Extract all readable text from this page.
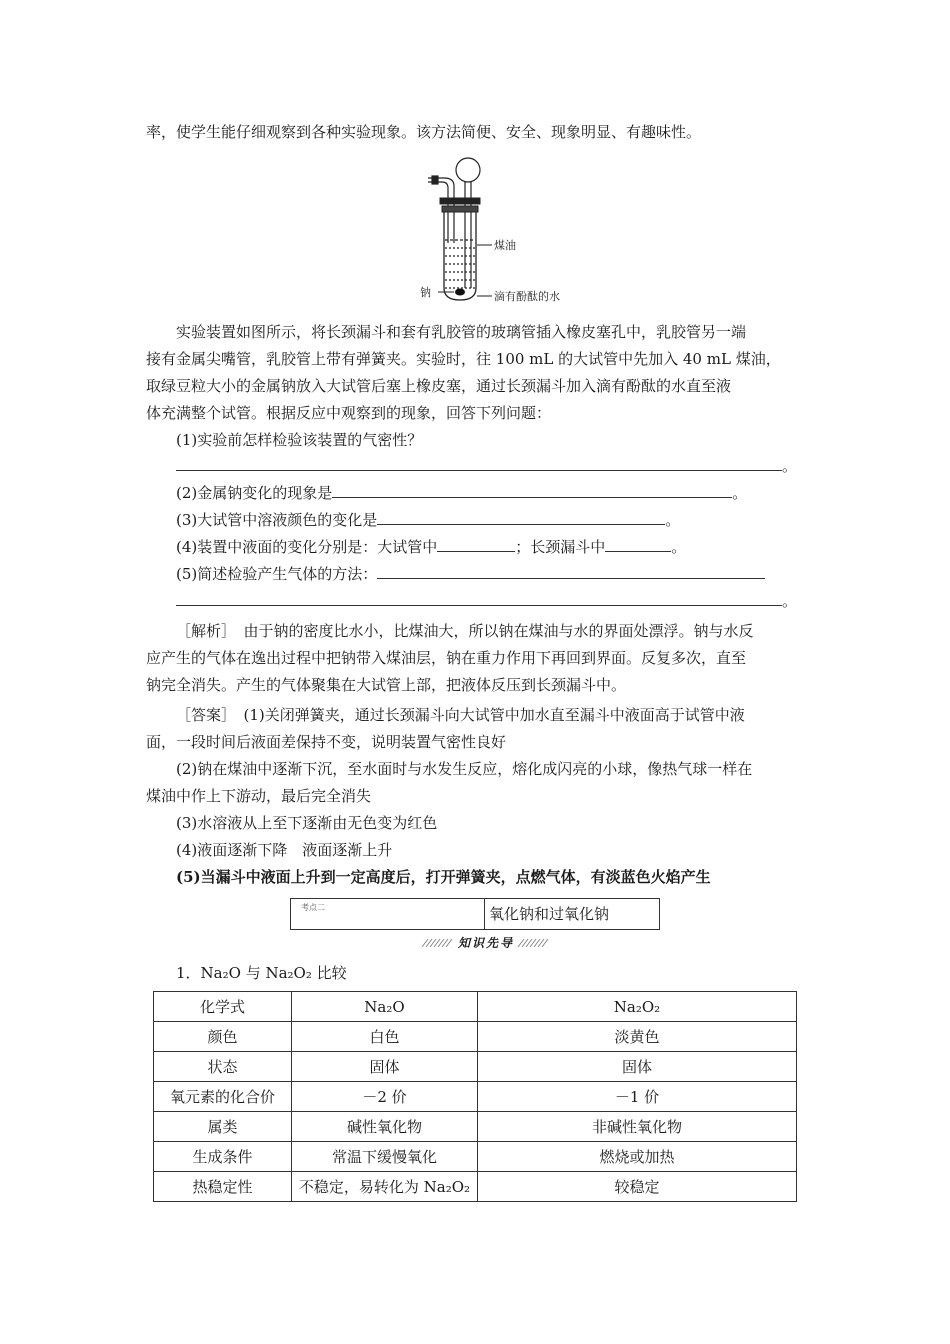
率，使学生能仔细观察到各种实验现象。该方法简便、安全、现象明显、有趣味性。
煤油
钠	滴有酚酞的水
实验装置如图所示，将长颈漏斗和套有乳胶管的玻璃管插入橡皮塞孔中，乳胶管另一端
接有金属尖嘴管，乳胶管上带有弹簧夹。实验时，往 100 mL 的大试管中先加入 40 mL 煤油，
取绿豆粒大小的金属钠放入大试管后塞上橡皮塞，通过长颈漏斗加入滴有酚酞的水直至液
体充满整个试管。根据反应中观察到的现象，回答下列问题：
(1)实验前怎样检验该装置的气密性？
。
(2)金属钠变化的现象是	。
(3)大试管中溶液颜色的变化是	。
(4)装置中液面的变化分别是：大试管中	；长颈漏斗中	。
(5)简述检验产生气体的方法：
。
［解析］　由于钠的密度比水小，比煤油大，所以钠在煤油与水的界面处漂浮。钠与水反
应产生的气体在逸出过程中把钠带入煤油层，钠在重力作用下再回到界面。反复多次，直至
钠完全消失。产生的气体聚集在大试管上部，把液体反压到长颈漏斗中。
［答案］　(1)关闭弹簧夹，通过长颈漏斗向大试管中加水直至漏斗中液面高于试管中液
面，一段时间后液面差保持不变，说明装置气密性良好
(2)钠在煤油中逐渐下沉，至水面时与水发生反应，熔化成闪亮的小球，像热气球一样在
煤油中作上下游动，最后完全消失
(3)水溶液从上至下逐渐由无色变为红色
(4)液面逐渐下降　液面逐渐上升
(5)当漏斗中液面上升到一定高度后，打开弹簧夹，点燃气体，有淡蓝色火焰产生
考点二	氧化钠和过氧化钠
知识先导
1．Na₂O 与 Na₂O₂ 比较
化学式	Na₂O	Na₂O₂
颜色	白色	淡黄色
状态	固体	固体
氧元素的化合价	－2 价	－1 价
属类	碱性氧化物	非碱性氧化物
生成条件	常温下缓慢氧化	燃烧或加热
热稳定性	不稳定，易转化为 Na₂O₂	较稳定
